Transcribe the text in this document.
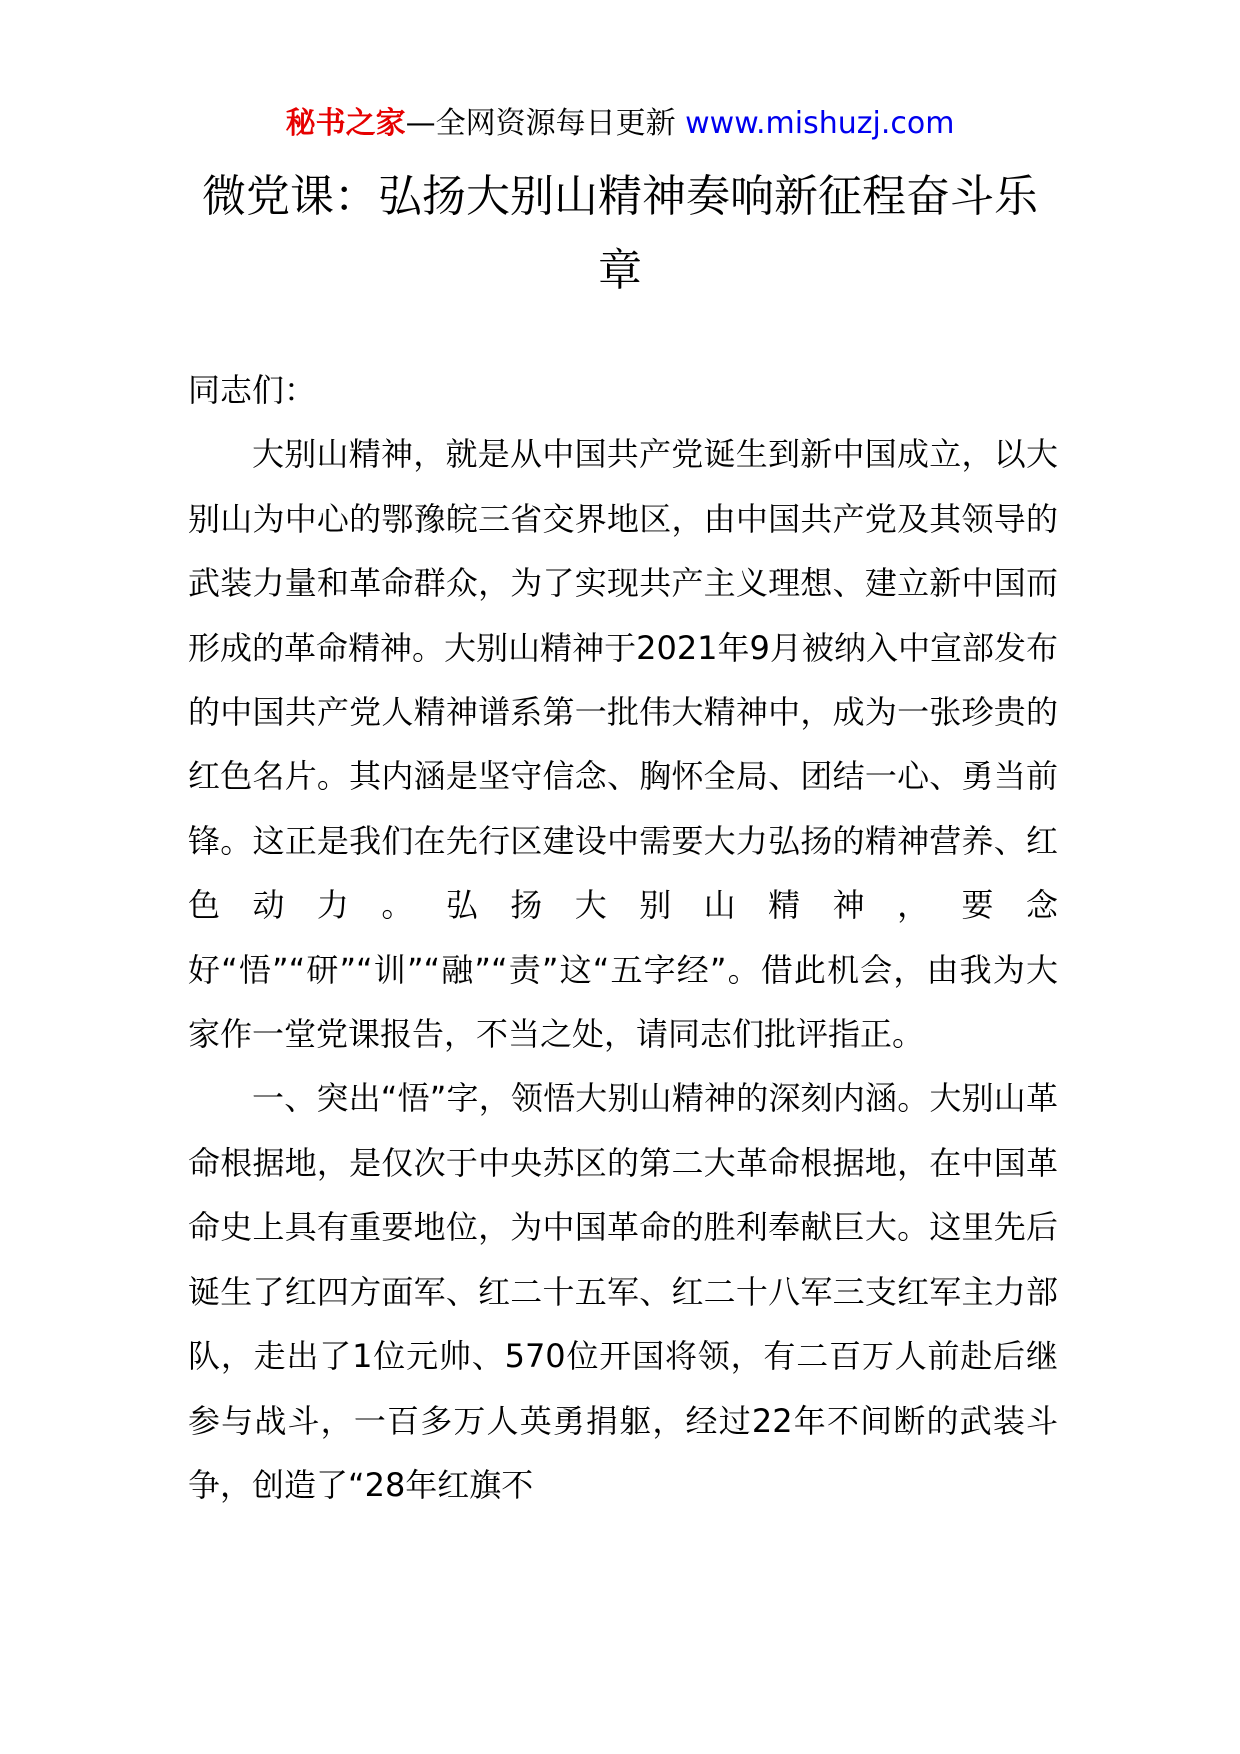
秘书之家—全网资源每日更新 www.mishuzj.com
微党课：弘扬大别山精神奏响新征程奋斗乐章

同志们：

大别山精神，就是从中国共产党诞生到新中国成立，以大别山为中心的鄂豫皖三省交界地区，由中国共产党及其领导的武装力量和革命群众，为了实现共产主义理想、建立新中国而形成的革命精神。大别山精神于2021年9月被纳入中宣部发布的中国共产党人精神谱系第一批伟大精神中，成为一张珍贵的红色名片。其内涵是坚守信念、胸怀全局、团结一心、勇当前锋。这正是我们在先行区建设中需要大力弘扬的精神营养、红色动力。弘扬大别山精神，要念好“悟”“研”“训”“融”“责”这“五字经”。借此机会，由我为大家作一堂党课报告，不当之处，请同志们批评指正。

一、突出“悟”字，领悟大别山精神的深刻内涵。大别山革命根据地，是仅次于中央苏区的第二大革命根据地，在中国革命史上具有重要地位，为中国革命的胜利奉献巨大。这里先后诞生了红四方面军、红二十五军、红二十八军三支红军主力部队，走出了1位元帅、570位开国将领，有二百万人前赴后继参与战斗，一百多万人英勇捐躯，经过22年不间断的武装斗争，创造了“28年红旗不
